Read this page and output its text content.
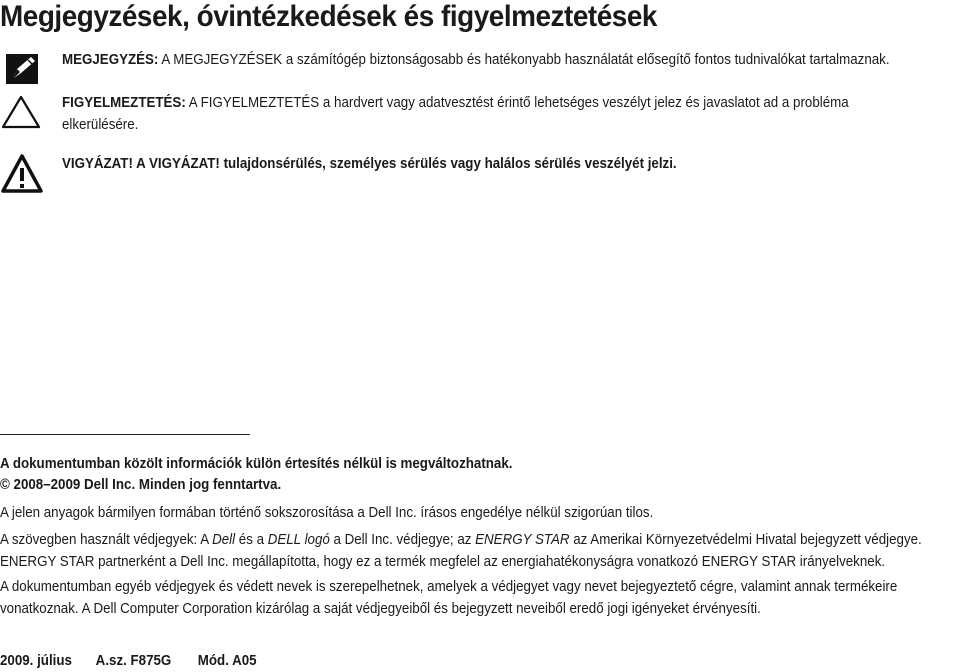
Megjegyzések, óvintézkedések és figyelmeztetések
MEGJEGYZÉS: A MEGJEGYZÉSEK a számítógép biztonságosabb és hatékonyabb használatát elősegítő fontos tudnivalókat tartalmaznak.
FIGYELMEZTETÉS: A FIGYELMEZTETÉS a hardvert vagy adatvesztést érintő lehetséges veszélyt jelez és javaslatot ad a probléma
elkerülésére.
VIGYÁZAT! A VIGYÁZAT! tulajdonsérülés, személyes sérülés vagy halálos sérülés veszélyét jelzi.
A dokumentumban közölt információk külön értesítés nélkül is megváltozhatnak.
© 2008–2009 Dell Inc. Minden jog fenntartva.
A jelen anyagok bármilyen formában történő sokszorosítása a Dell Inc. írásos engedélye nélkül szigorúan tilos.
A szövegben használt védjegyek: A Dell és a DELL logó a Dell Inc. védjegye; az ENERGY STAR az Amerikai Környezetvédelmi Hivatal bejegyzett védjegye.
ENERGY STAR partnerként a Dell Inc. megállapította, hogy ez a termék megfelel az energiahatékonyságra vonatkozó ENERGY STAR irányelveknek.
A dokumentumban egyéb védjegyek és védett nevek is szerepelhetnek, amelyek a védjegyet vagy nevet bejegyeztető cégre, valamint annak termékeire
vonatkoznak. A Dell Computer Corporation kizárólag a saját védjegyeiből és bejegyzett neveiből eredő jogi igényeket érvényesíti.
2009. július A.sz. F875G Mód. A05
